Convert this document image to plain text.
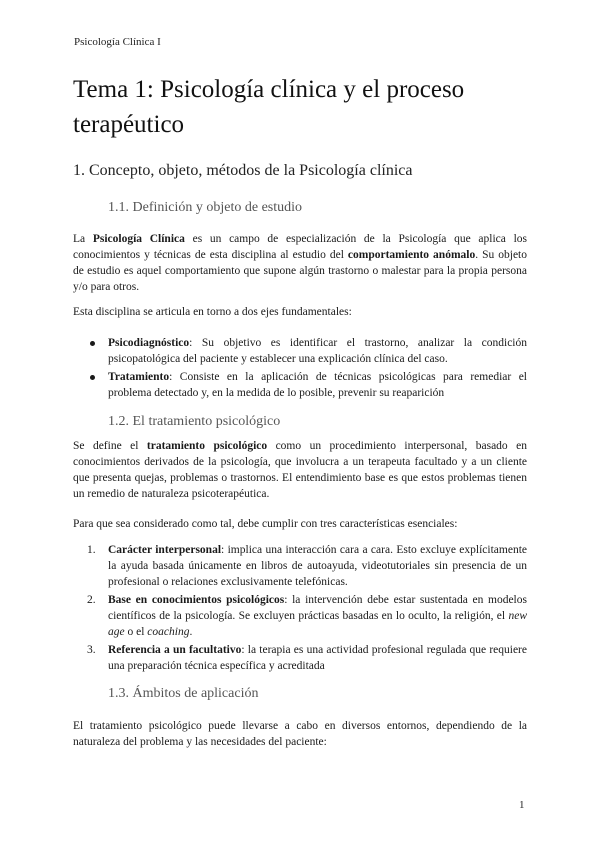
Psicología Clínica I
Tema 1: Psicología clínica y el proceso terapéutico
1. Concepto, objeto, métodos de la Psicología clínica
1.1. Definición y objeto de estudio

La Psicología Clínica es un campo de especialización de la Psicología que aplica los conocimientos y técnicas de esta disciplina al estudio del comportamiento anómalo. Su objeto de estudio es aquel comportamiento que supone algún trastorno o malestar para la propia persona y/o para otros.

Esta disciplina se articula en torno a dos ejes fundamentales:

Psicodiagnóstico: Su objetivo es identificar el trastorno, analizar la condición psicopatológica del paciente y establecer una explicación clínica del caso.
Tratamiento: Consiste en la aplicación de técnicas psicológicas para remediar el problema detectado y, en la medida de lo posible, prevenir su reaparición
1.2. El tratamiento psicológico

Se define el tratamiento psicológico como un procedimiento interpersonal, basado en conocimientos derivados de la psicología, que involucra a un terapeuta facultado y a un cliente que presenta quejas, problemas o trastornos. El entendimiento base es que estos problemas tienen un remedio de naturaleza psicoterapéutica.

Para que sea considerado como tal, debe cumplir con tres características esenciales:

1. Carácter interpersonal: implica una interacción cara a cara. Esto excluye explícitamente la ayuda basada únicamente en libros de autoayuda, videotutoriales sin presencia de un profesional o relaciones exclusivamente telefónicas.
2. Base en conocimientos psicológicos: la intervención debe estar sustentada en modelos científicos de la psicología. Se excluyen prácticas basadas en lo oculto, la religión, el new age o el coaching.
3. Referencia a un facultativo: la terapia es una actividad profesional regulada que requiere una preparación técnica específica y acreditada
1.3. Ámbitos de aplicación

El tratamiento psicológico puede llevarse a cabo en diversos entornos, dependiendo de la naturaleza del problema y las necesidades del paciente:

1
